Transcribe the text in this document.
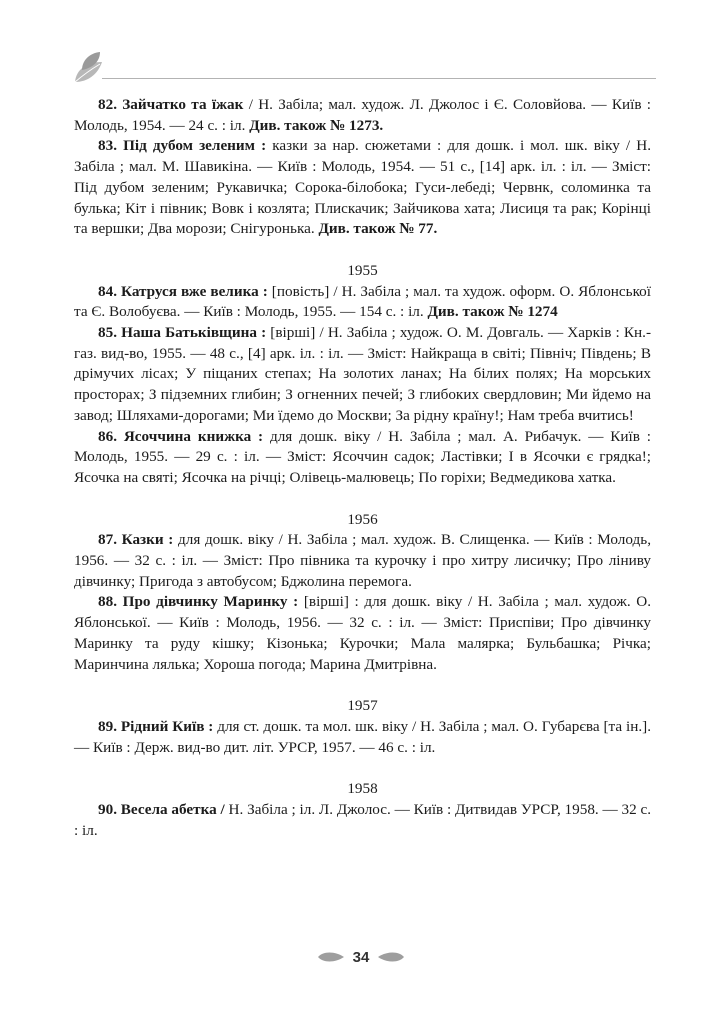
82. Зайчатко та їжак / Н. Забіла; мал. худож. Л. Джолос і Є. Соловйова. — Київ : Молодь, 1954. — 24 с. : іл. Див. також № 1273.

83. Під дубом зеленим : казки за нар. сюжетами : для дошк. і мол. шк. віку / Н. Забіла ; мал. М. Шавикіна. — Київ : Молодь, 1954. — 51 с., [14] арк. іл. : іл. — Зміст: Під дубом зеленим; Рукавичка; Сорока-білобока; Гуси-лебеді; Червнк, соломинка та булька; Кіт і півник; Вовк і козлята; Плискачик; Зайчикова хата; Лисиця та рак; Корінці та вершки; Два морози; Снігуронька. Див. також № 77.

1955

84. Катруся вже велика : [повість] / Н. Забіла ; мал. та худож. оформ. О. Яблонської та Є. Волобуєва. — Київ : Молодь, 1955. — 154 с. : іл. Див. також № 1274

85. Наша Батьківщина : [вірші] / Н. Забіла ; худож. О. М. Довгаль. — Харків : Кн.-газ. вид-во, 1955. — 48 с., [4] арк. іл. : іл. — Зміст: Найкраща в світі; Північ; Південь; В дрімучих лісах; У піщаних степах; На золотих ланах; На білих полях; На морських просторах; З підземних глибин; З огненних печей; З глибоких свердловин; Ми йдемо на завод; Шляхами-дорогами; Ми їдемо до Москви; За рідну країну!; Нам треба вчитись!

86. Ясоччина книжка : для дошк. віку / Н. Забіла ; мал. А. Рибачук. — Київ : Молодь, 1955. — 29 с. : іл. — Зміст: Ясоччин садок; Ластівки; І в Ясочки є грядка!; Ясочка на святі; Ясочка на річці; Олівець-малювець; По горіхи; Ведмедикова хатка.

1956

87. Казки : для дошк. віку / Н. Забіла ; мал. худож. В. Слищенка. — Київ : Молодь, 1956. — 32 с. : іл. — Зміст: Про півника та курочку і про хитру лисичку; Про ліниву дівчинку; Пригода з автобусом; Бджолина перемога.

88. Про дівчинку Маринку : [вірші] : для дошк. віку / Н. Забіла ; мал. худож. О. Яблонської. — Київ : Молодь, 1956. — 32 с. : іл. — Зміст: Приспіви; Про дівчинку Маринку та руду кішку; Кізонька; Курочки; Мала малярка; Бульбашка; Річка; Маринчина лялька; Хороша погода; Марина Дмитрівна.

1957

89. Рідний Київ : для ст. дошк. та мол. шк. віку / Н. Забіла ; мал. О. Губарєва [та ін.]. — Київ : Держ. вид-во дит. літ. УРСР, 1957. — 46 с. : іл.

1958

90. Весела абетка / Н. Забіла ; іл. Л. Джолос. — Київ : Дитвидав УРСР, 1958. — 32 с. : іл.

34
